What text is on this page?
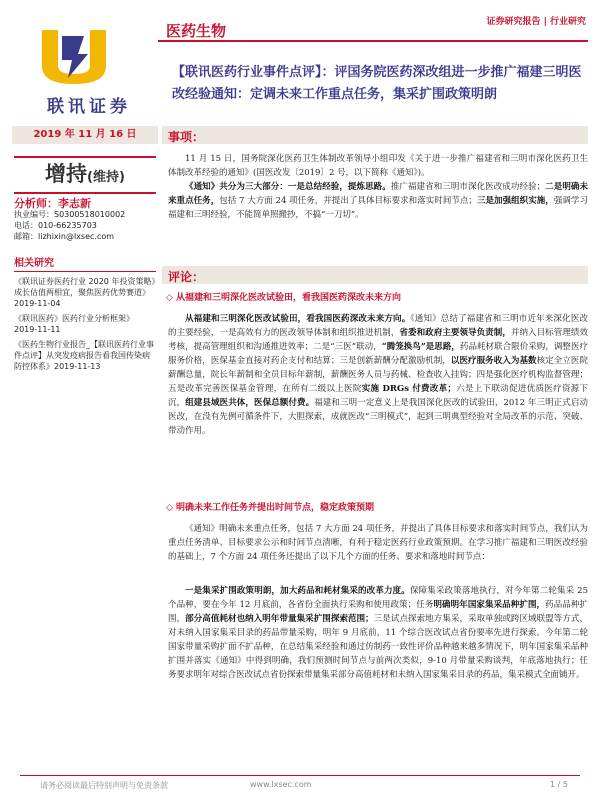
证券研究报告 | 行业研究
联讯证券
医药生物
【联讯医药行业事件点评】：评国务院医药深改组进一步推广福建三明医改经验通知：定调未来工作重点任务，集采扩围政策明朗
2019 年 11 月 16 日	事项：
增持(维持)
分析师：李志新
执业编号：S0300518010002
电话：010-66235703
邮箱：lizhixin@lxsec.com
相关研究
《联讯证券医药行业 2020 年投资策略》成长估值两相宜，聚焦医药优势赛道》2019-11-04
《联讯医药》医药行业分析框架》2019-11-11
《医药生物行业报告_【联讯医药行业事件点评】从突发疫病报告看我国传染病防控体系》2019-11-13

11 月 15 日，国务院深化医药卫生体制改革领导小组印发《关于进一步推广福建省和三明市深化医药卫生体制改革经验的通知》(国医改发〔2019〕2 号，以下简称《通知》)。

《通知》共分为三大部分：一是总结经验，提炼思路。推广福建省和三明市深化医改成功经验；二是明确未来重点任务，包括 7 大方面 24 项任务，并提出了具体目标要求和落实时间节点；三是加强组织实施，强调学习福建和三明经验，不能简单照搬抄，不搞“一刀切”。

评论：
◇ 从福建和三明深化医改试验田，看我国医药深改未来方向

从福建和三明深化医改试验田，看我国医药深改未来方向。《通知》总结了福建省和三明市近年来深化医改的主要经验，一是高效有力的医改领导体制和组织推进机制，省委和政府主要领导负责制，并纳入目标管理绩效考核，提高管理组织和沟通推进效率；二是“三医”联动，“腾笼换鸟”是思路，药品耗材联合限价采购，调整医疗服务价格，医保基金直接对药企支付和结算；三是创新薪酬分配激励机制，以医疗服务收入为基数核定全立医院薪酬总量，院长年薪制和全员目标年薪制，薪酬医务人员与药械、检查收入挂钩；四是强化医疗机构监督管理；五是改革完善医保基金管理，在所有二级以上医院实施 DRGs 付费改革；六是上下联动促进优质医疗资源下沉，组建县域医共体，医保总额付费。福建和三明一定意义上是我国深化医改的试验田，2012 年三明正式启动医改，在没有先例可循条件下，大胆探索，成就医改“三明模式”，起到三明典型经验对全局改革的示范、突破、带动作用。

◇ 明确未来工作任务并提出时间节点，稳定政策预期

《通知》明确未来重点任务，包括 7 大方面 24 项任务，并提出了具体目标要求和落实时间节点，我们认为重点任务清单、目标要求公示和时间节点清晰，有利于稳定医药行业政策预期。在学习推广福建和三明医改经验的基础上，7 个方面 24 项任务还提出了以下几个方面的任务、要求和落地时间节点：

一是集采扩围政策明朗，加大药品和耗材集采的改革力度。保障集采政策落地执行，对今年第二轮集采 25 个品种，要在今年 12 月底前，各省份全面执行采购和使用政策；任务明确明年国家集采品种扩围，药品品种扩围，部分高值耗材也纳入明年带量集采扩围探索范围；三是试点探索地方集采，采取单独或跨区域联盟等方式，对未纳入国家集采目录的药品带量采购，明年 9 月底前，11 个综合医改试点省份要率先进行探索。今年第二轮国家带量采购扩面不扩品种，在总结集采经验和通过仿制药一致性评价品种越来越多情况下，明年国家集采品种扩围并落实《通知》中得到明确，我们预测时间节点与前两次类似，9-10 月带量采购谈判，年底落地执行；任务要求明年对综合医改试点省份探索带量集采部分高值耗材和未纳入国家集采目录的药品，集采模式全面铺开。

请务必阅读最后特别声明与免责条款	www.lxsec.com	1 / 5
